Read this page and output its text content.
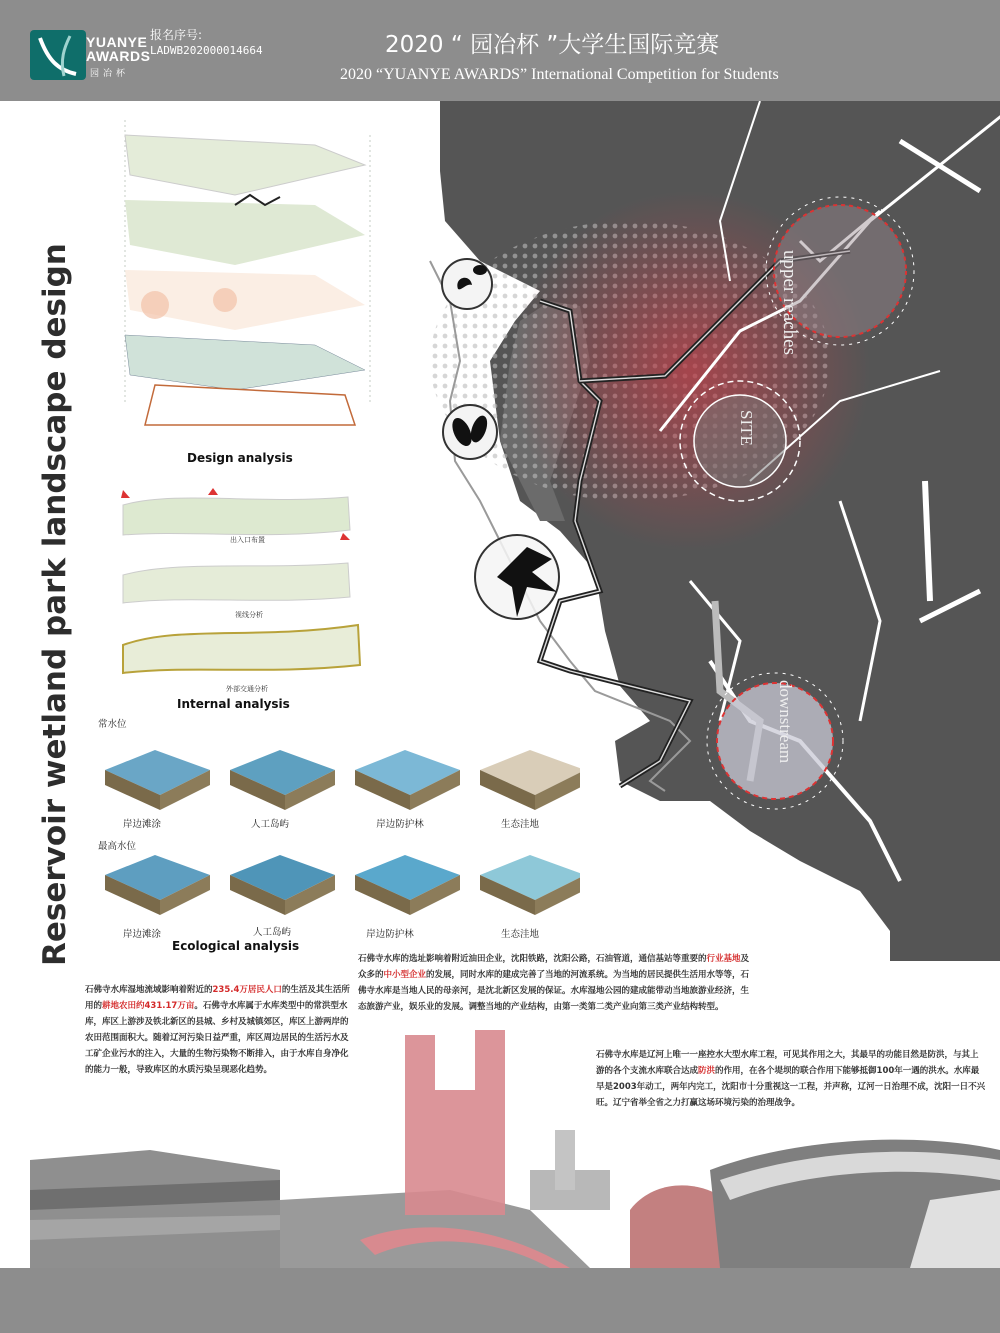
YUANYE
AWARDS
园冶杯
报名序号:
LADWB202000014664	2020 “ 园冶杯 ”大学生国际竞赛
2020 “YUANYE AWARDS” International Competition for Students
upper reaches
SITE
downstream
Design analysis
出入口布置
视线分析
外部交通分析
Internal analysis
常水位
岸边滩涂	人工岛屿	岸边防护林	生态洼地
最高水位
岸边滩涂	人工岛屿	岸边防护林	生态洼地
Ecological analysis
Reservoir wetland park landscape design
石佛寺水库湿地流域影响着附近的235.4万居民人口的生活及其生活所用的耕地农田约431.17万亩。石佛寺水库属于水库类型中的常洪型水库，库区上游涉及铁北新区的县城、乡村及城镇郊区，库区上游两岸的农田范围面积大。随着辽河污染日益严重，库区周边居民的生活污水及工矿企业污水的注入，大量的生物污染物不断排入，由于水库自身净化的能力一般，导致库区的水质污染呈现恶化趋势。
石佛寺水库的选址影响着附近油田企业，沈阳铁路，沈阳公路，石油管道，通信基站等重要的行业基地及众多的中小型企业的发展，同时水库的建成完善了当地的河流系统。为当地的居民提供生活用水等等，石佛寺水库是当地人民的母亲河，是沈北新区发展的保证。水库湿地公园的建成能带动当地旅游业经济，生态旅游产业，娱乐业的发展。调整当地的产业结构，由第一类第二类产业向第三类产业结构转型。
石佛寺水库是辽河上唯一一座控水大型水库工程，可见其作用之大，其最早的功能目然是防洪，与其上游的各个支流水库联合达成防洪的作用，在各个堤坝的联合作用下能够抵御100年一遇的洪水。水库最早是2003年动工，两年内完工，沈阳市十分重视这一工程，并声称，辽河一日治理不成，沈阳一日不兴旺。辽宁省举全省之力打赢这场环境污染的治理战争。
